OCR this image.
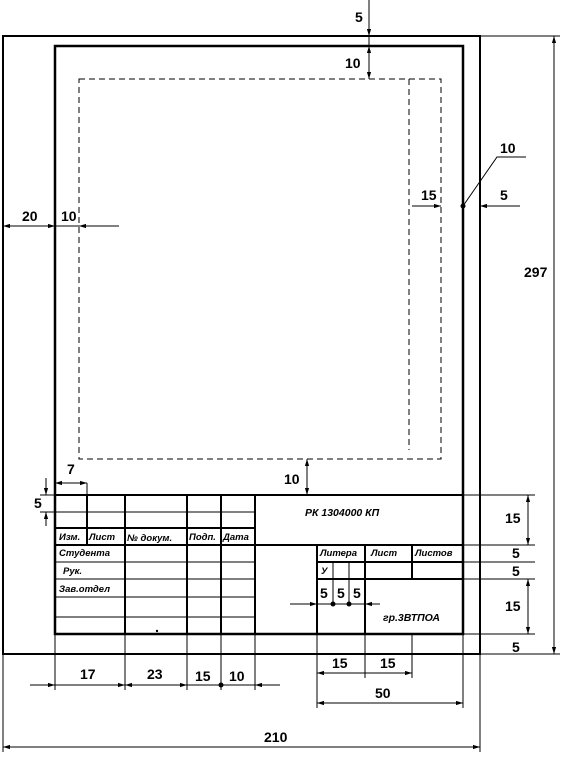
5
10
10
15	5
20 10
297
10
7
5
15
5
5
15
5
17	23 15 10
15 15
50
210
5 5 5
РК 1304000 КП
Изм. Лист № докум. Подп. Дата
Студента
Рук.
Зав.отдел
Литера Лист Листов
У
гр.3ВТПОА
